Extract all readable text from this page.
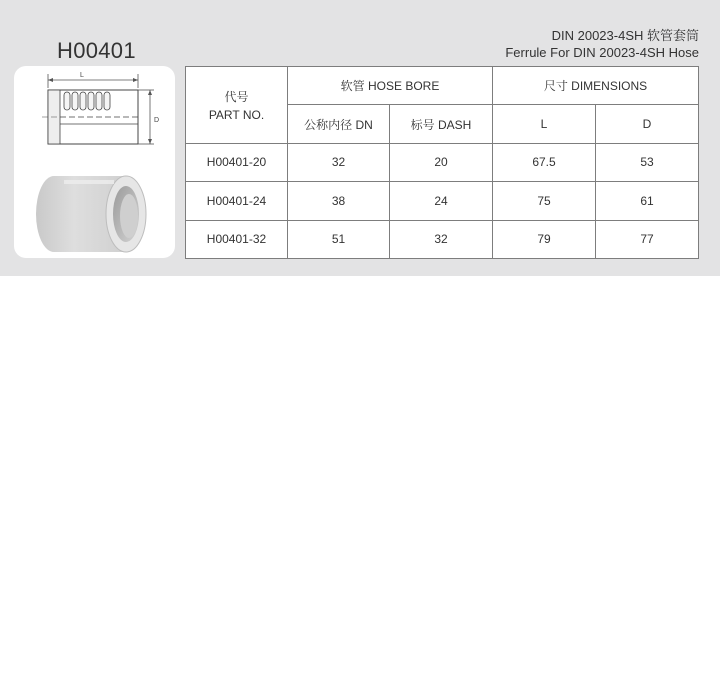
H00401
DIN 20023-4SH 软管套筒
Ferrule For DIN 20023-4SH Hose
L
D
代号
PART NO.	软管 HOSE BORE		尺寸 DIMENSIONS	
	公称内径 DN	标号 DASH	L	D
H00401-20	32	20	67.5	53
H00401-24	38	24	75	61
H00401-32	51	32	79	77
